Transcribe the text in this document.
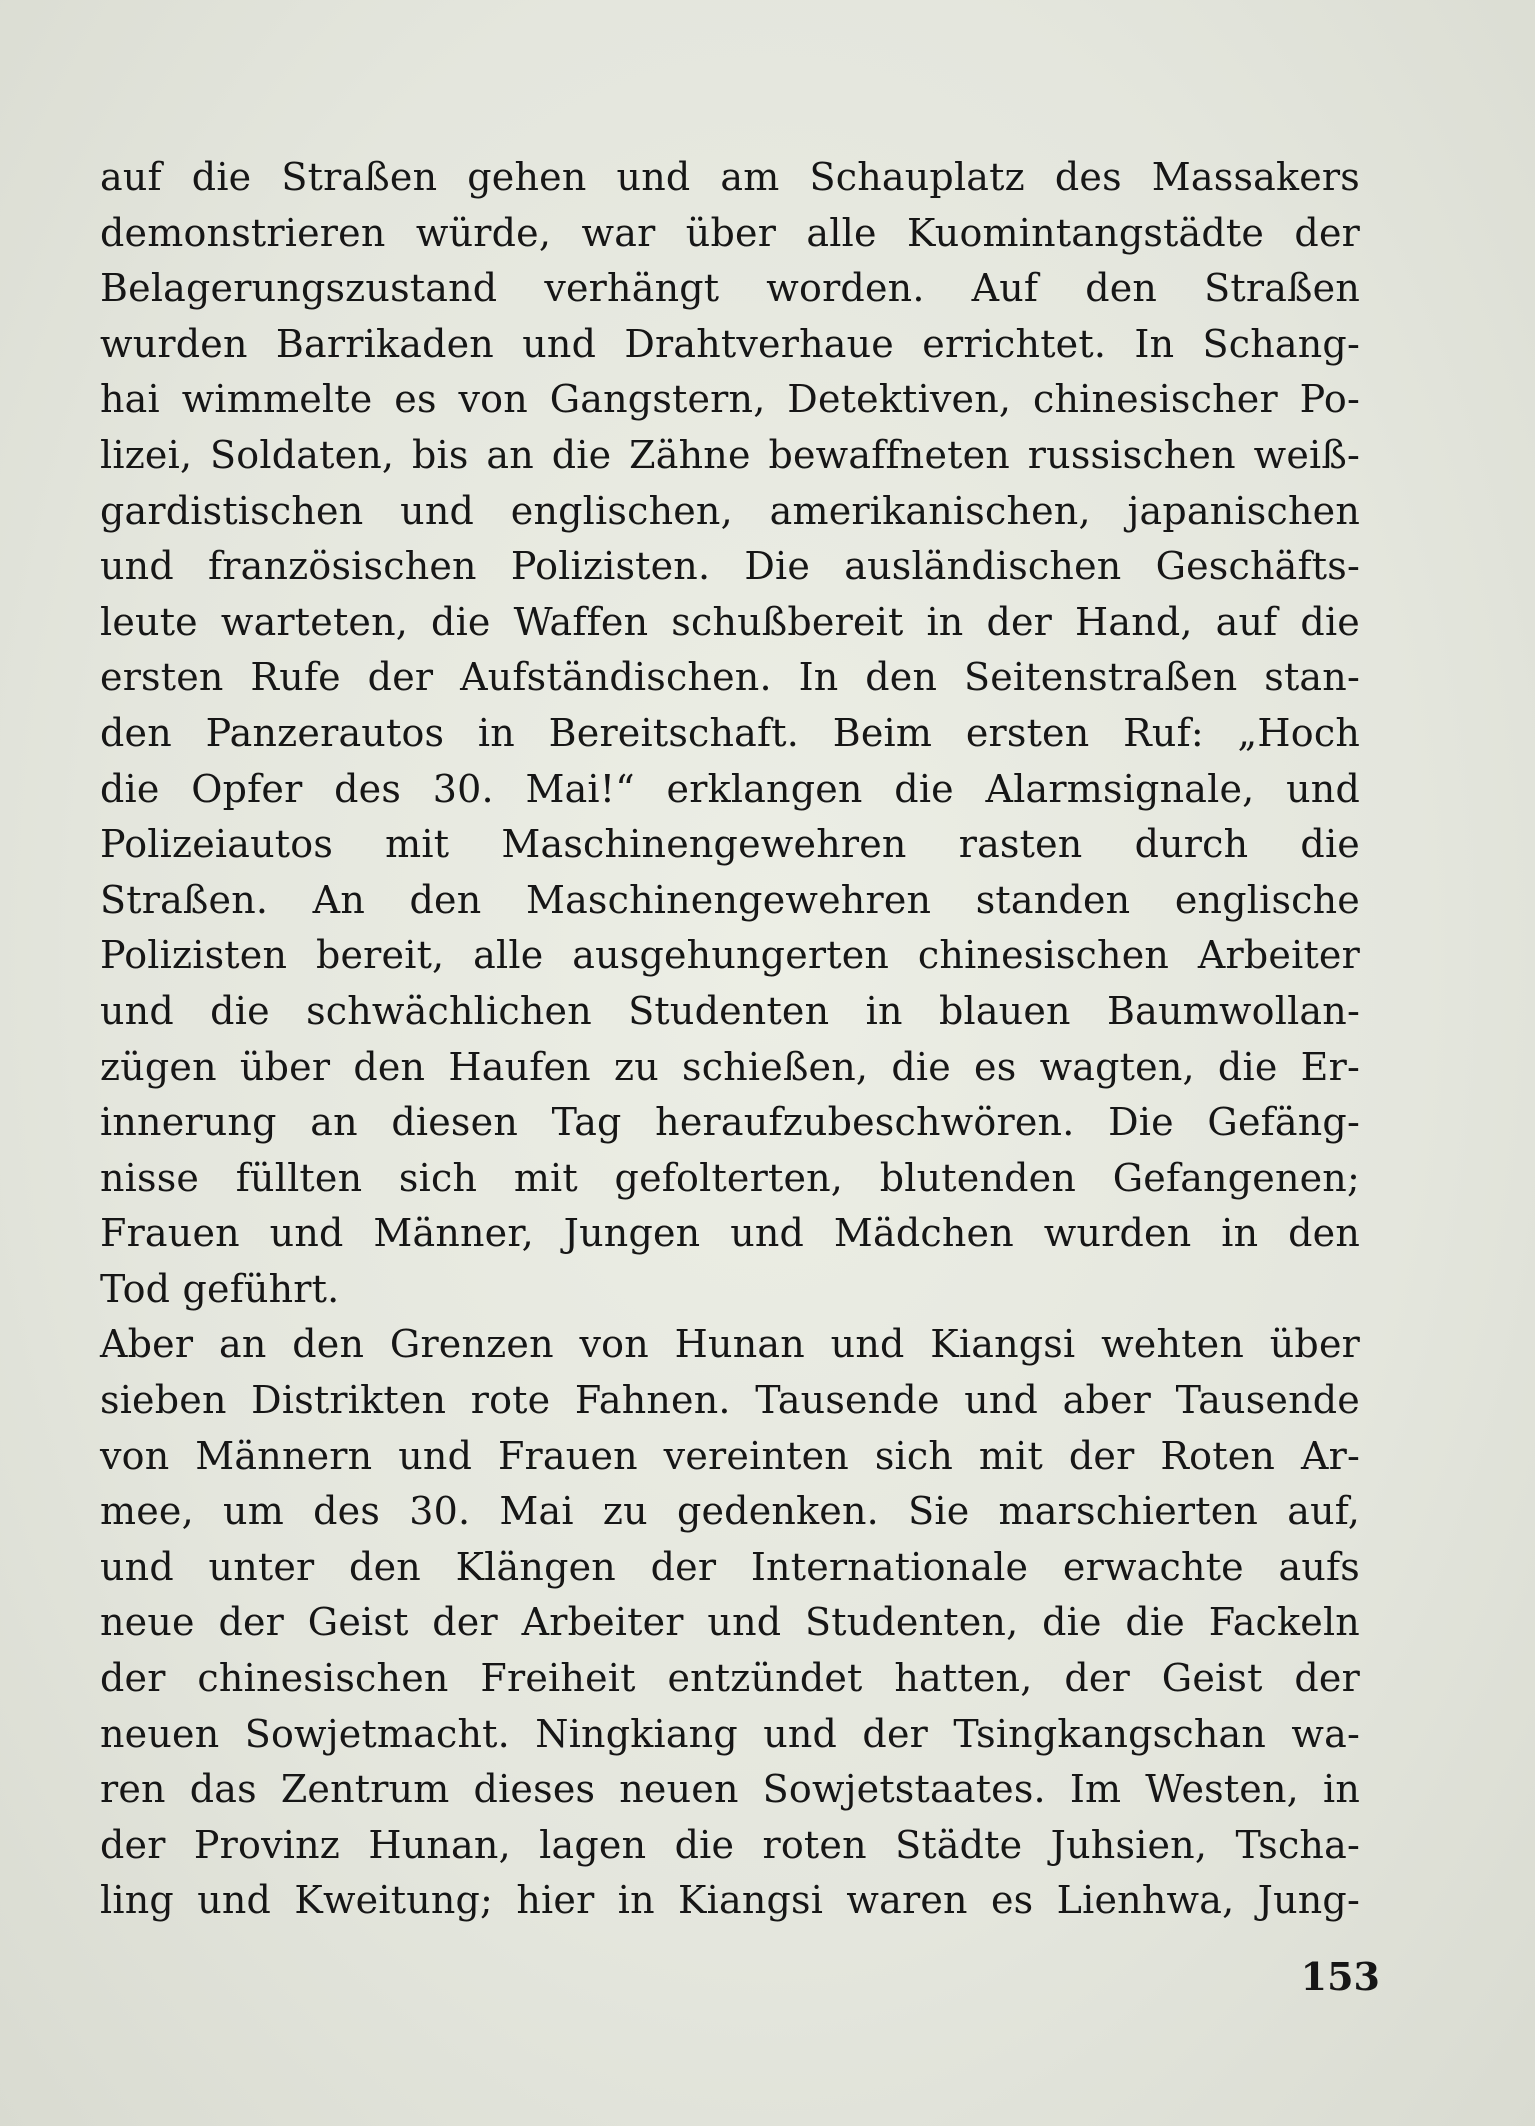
auf die Straßen gehen und am Schauplatz des Massakers
demonstrieren würde, war über alle Kuomintangstädte der
Belagerungszustand verhängt worden. Auf den Straßen
wurden Barrikaden und Drahtverhaue errichtet. In Schang-
hai wimmelte es von Gangstern, Detektiven, chinesischer Po-
lizei, Soldaten, bis an die Zähne bewaffneten russischen weiß-
gardistischen und englischen, amerikanischen, japanischen
und französischen Polizisten. Die ausländischen Geschäfts-
leute warteten, die Waffen schußbereit in der Hand, auf die
ersten Rufe der Aufständischen. In den Seitenstraßen stan-
den Panzerautos in Bereitschaft. Beim ersten Ruf: „Hoch
die Opfer des 30. Mai!“ erklangen die Alarmsignale, und
Polizeiautos mit Maschinengewehren rasten durch die
Straßen. An den Maschinengewehren standen englische
Polizisten bereit, alle ausgehungerten chinesischen Arbeiter
und die schwächlichen Studenten in blauen Baumwollan-
zügen über den Haufen zu schießen, die es wagten, die Er-
innerung an diesen Tag heraufzubeschwören. Die Gefäng-
nisse füllten sich mit gefolterten, blutenden Gefangenen;
Frauen und Männer, Jungen und Mädchen wurden in den
Tod geführt.
Aber an den Grenzen von Hunan und Kiangsi wehten über
sieben Distrikten rote Fahnen. Tausende und aber Tausende
von Männern und Frauen vereinten sich mit der Roten Ar-
mee, um des 30. Mai zu gedenken. Sie marschierten auf,
und unter den Klängen der Internationale erwachte aufs
neue der Geist der Arbeiter und Studenten, die die Fackeln
der chinesischen Freiheit entzündet hatten, der Geist der
neuen Sowjetmacht. Ningkiang und der Tsingkangschan wa-
ren das Zentrum dieses neuen Sowjetstaates. Im Westen, in
der Provinz Hunan, lagen die roten Städte Juhsien, Tscha-
ling und Kweitung; hier in Kiangsi waren es Lienhwa, Jung-
153
